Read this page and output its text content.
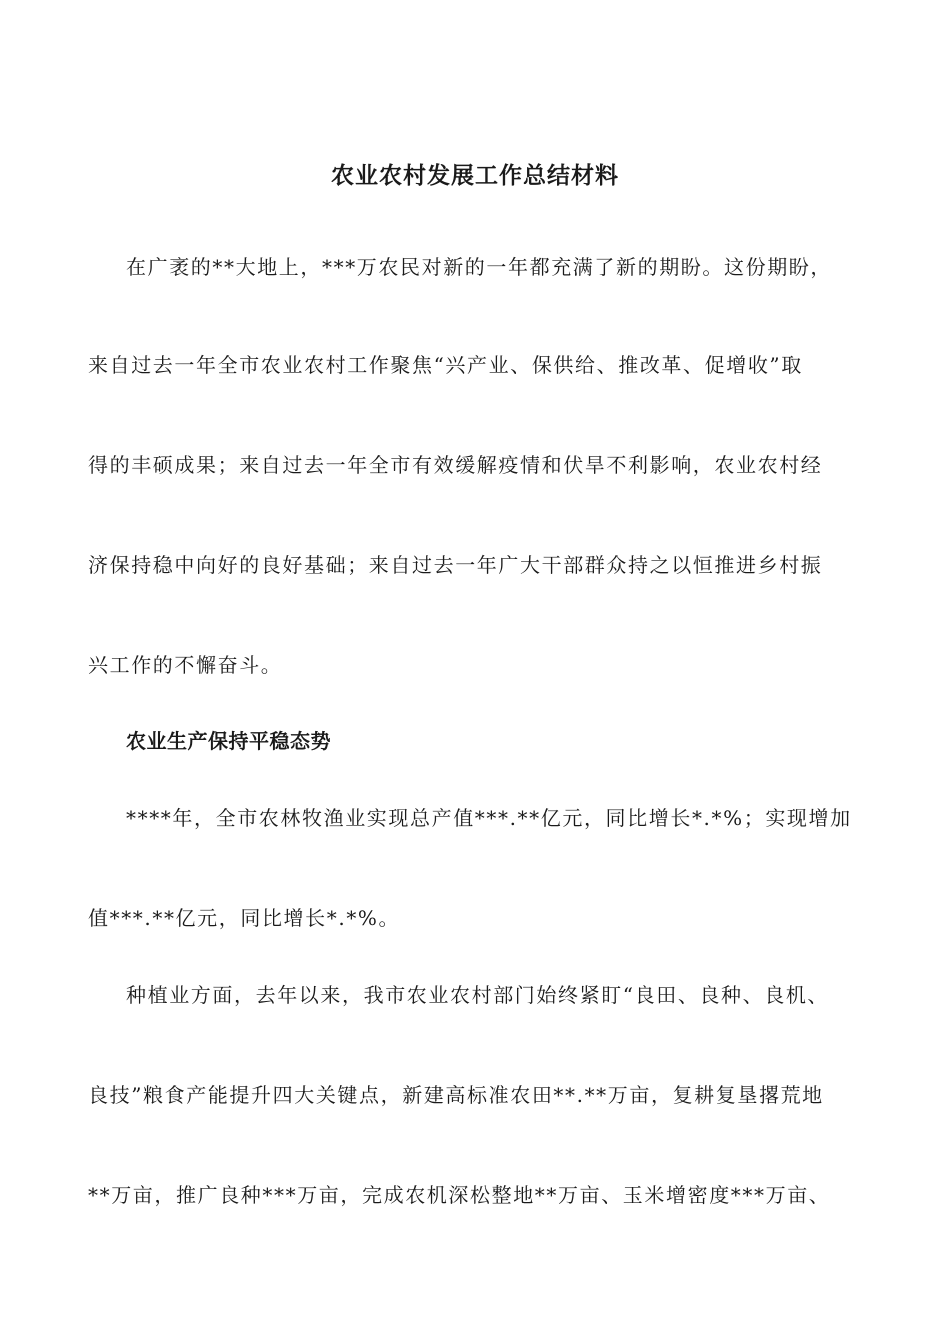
农业农村发展工作总结材料
在广袤的**大地上，***万农民对新的一年都充满了新的期盼。这份期盼，
来自过去一年全市农业农村工作聚焦“兴产业、保供给、推改革、促增收”取
得的丰硕成果；来自过去一年全市有效缓解疫情和伏旱不利影响，农业农村经
济保持稳中向好的良好基础；来自过去一年广大干部群众持之以恒推进乡村振
兴工作的不懈奋斗。
农业生产保持平稳态势
****年，全市农林牧渔业实现总产值***.**亿元，同比增长*.*%；实现增加
值***.**亿元，同比增长*.*%。
种植业方面，去年以来，我市农业农村部门始终紧盯“良田、良种、良机、
良技”粮食产能提升四大关键点，新建高标准农田**.**万亩，复耕复垦撂荒地
**万亩，推广良种***万亩，完成农机深松整地**万亩、玉米增密度***万亩、
